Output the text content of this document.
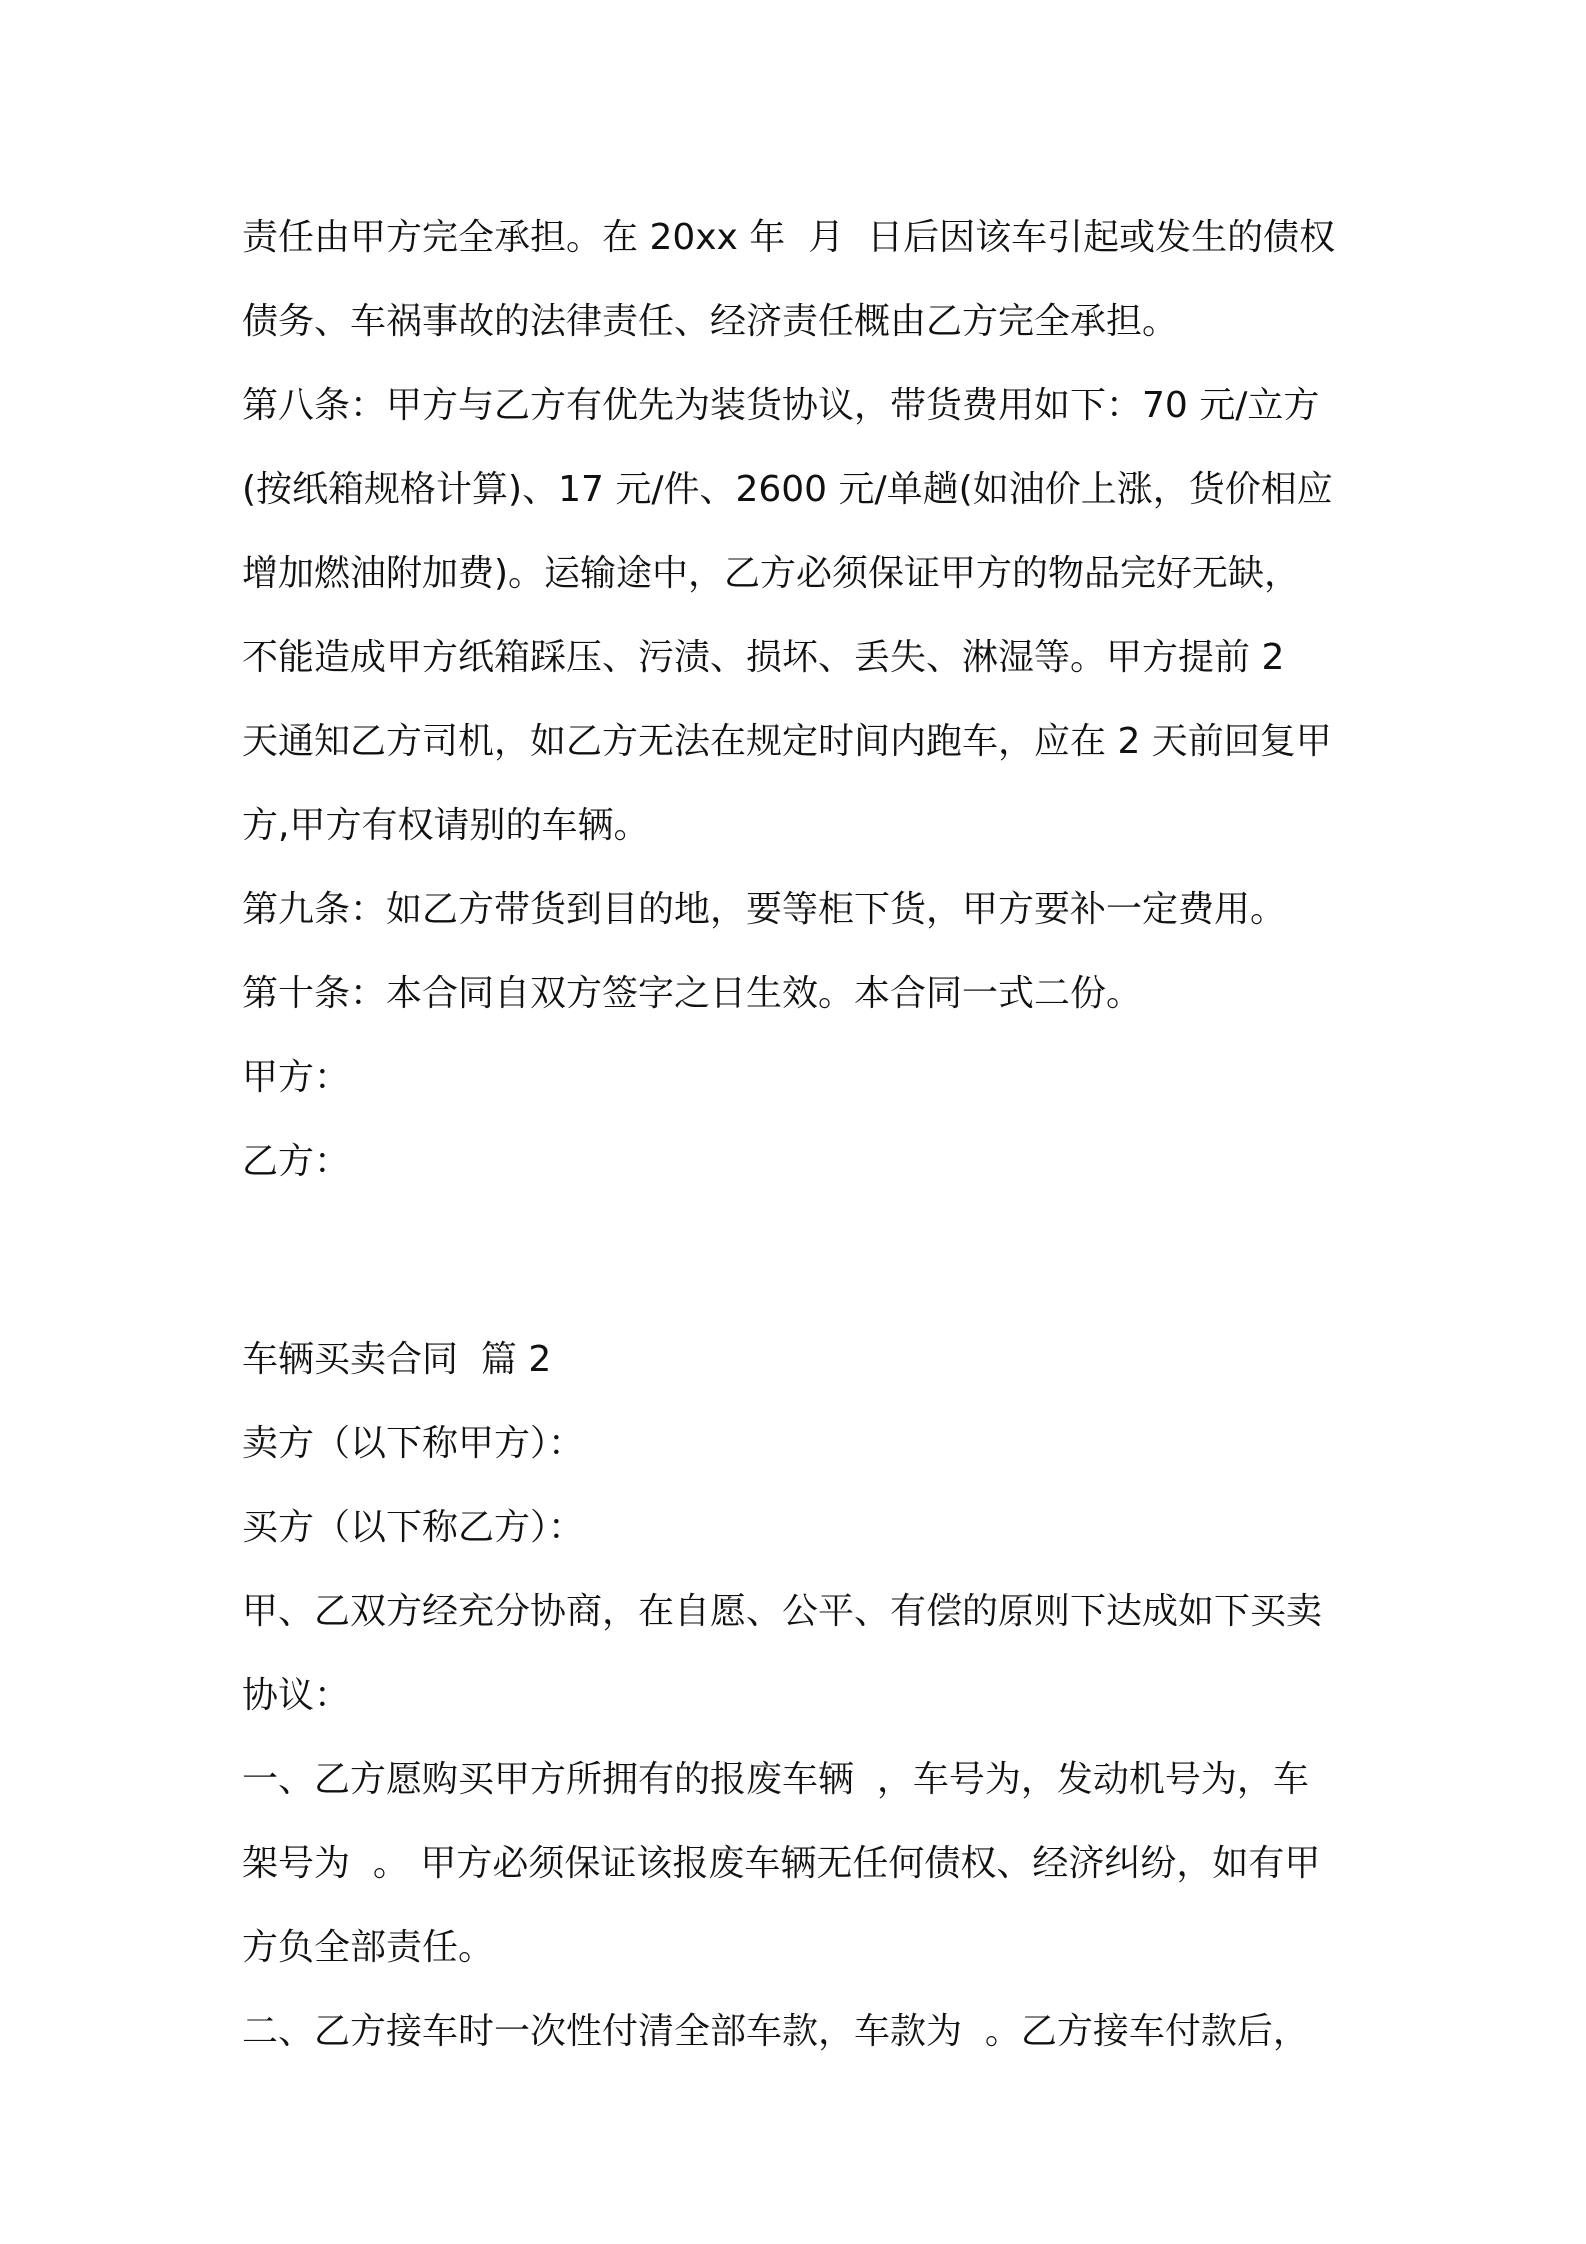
责任由甲方完全承担。在 20xx 年  月  日后因该车引起或发生的债权
债务、车祸事故的法律责任、经济责任概由乙方完全承担。
第八条：甲方与乙方有优先为装货协议，带货费用如下：70 元/立方
(按纸箱规格计算)、17 元/件、2600 元/单趟(如油价上涨，货价相应
增加燃油附加费)。运输途中，乙方必须保证甲方的物品完好无缺，
不能造成甲方纸箱踩压、污渍、损坏、丢失、淋湿等。甲方提前 2
天通知乙方司机，如乙方无法在规定时间内跑车，应在 2 天前回复甲
方,甲方有权请别的车辆。
第九条：如乙方带货到目的地，要等柜下货，甲方要补一定费用。
第十条：本合同自双方签字之日生效。本合同一式二份。
甲方：
乙方：
车辆买卖合同  篇 2
卖方（以下称甲方）：
买方（以下称乙方）：
甲、乙双方经充分协商，在自愿、公平、有偿的原则下达成如下买卖
协议：
一、乙方愿购买甲方所拥有的报废车辆  ，车号为，发动机号为，车
架号为  。 甲方必须保证该报废车辆无任何债权、经济纠纷，如有甲
方负全部责任。
二、乙方接车时一次性付清全部车款，车款为  。乙方接车付款后，
